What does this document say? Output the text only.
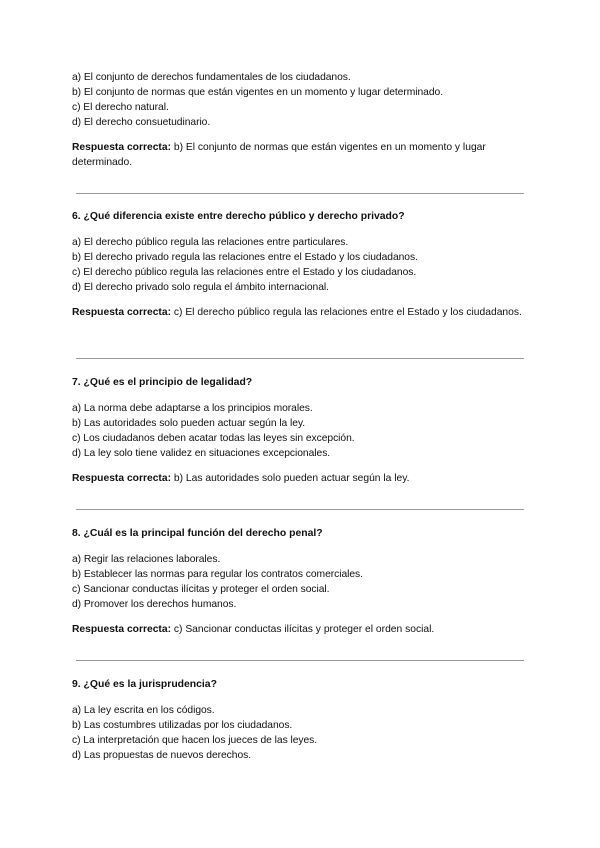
a) El conjunto de derechos fundamentales de los ciudadanos.
b) El conjunto de normas que están vigentes en un momento y lugar determinado.
c) El derecho natural.
d) El derecho consuetudinario.
Respuesta correcta: b) El conjunto de normas que están vigentes en un momento y lugar determinado.
6. ¿Qué diferencia existe entre derecho público y derecho privado?
a) El derecho público regula las relaciones entre particulares.
b) El derecho privado regula las relaciones entre el Estado y los ciudadanos.
c) El derecho público regula las relaciones entre el Estado y los ciudadanos.
d) El derecho privado solo regula el ámbito internacional.
Respuesta correcta: c) El derecho público regula las relaciones entre el Estado y los ciudadanos.
7. ¿Qué es el principio de legalidad?
a) La norma debe adaptarse a los principios morales.
b) Las autoridades solo pueden actuar según la ley.
c) Los ciudadanos deben acatar todas las leyes sin excepción.
d) La ley solo tiene validez en situaciones excepcionales.
Respuesta correcta: b) Las autoridades solo pueden actuar según la ley.
8. ¿Cuál es la principal función del derecho penal?
a) Regir las relaciones laborales.
b) Establecer las normas para regular los contratos comerciales.
c) Sancionar conductas ilícitas y proteger el orden social.
d) Promover los derechos humanos.
Respuesta correcta: c) Sancionar conductas ilícitas y proteger el orden social.
9. ¿Qué es la jurisprudencia?
a) La ley escrita en los códigos.
b) Las costumbres utilizadas por los ciudadanos.
c) La interpretación que hacen los jueces de las leyes.
d) Las propuestas de nuevos derechos.
